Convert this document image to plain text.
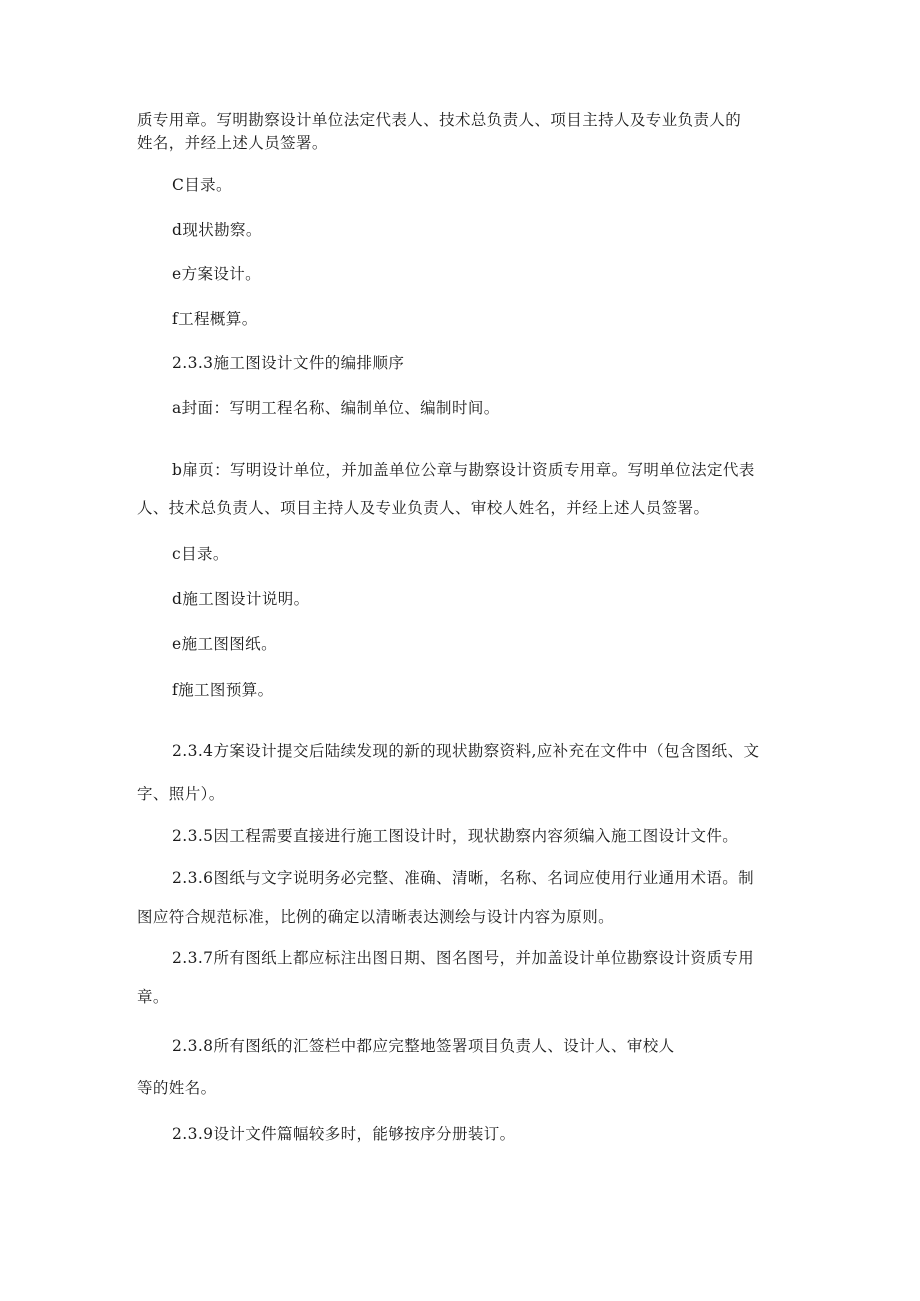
质专用章。写明勘察设计单位法定代表人、技术总负责人、项目主持人及专业负责人的
姓名，并经上述人员签署。
C目录。
d现状勘察。
e方案设计。
f工程概算。
2.3.3施工图设计文件的编排顺序
a封面：写明工程名称、编制单位、编制时间。
b扉页：写明设计单位，并加盖单位公章与勘察设计资质专用章。写明单位法定代表
人、技术总负责人、项目主持人及专业负责人、审校人姓名，并经上述人员签署。
c目录。
d施工图设计说明。
e施工图图纸。
f施工图预算。
2.3.4方案设计提交后陆续发现的新的现状勘察资料,应补充在文件中（包含图纸、文
字、照片）。
2.3.5因工程需要直接进行施工图设计时，现状勘察内容须编入施工图设计文件。
2.3.6图纸与文字说明务必完整、准确、清晰，名称、名词应使用行业通用术语。制
图应符合规范标准，比例的确定以清晰表达测绘与设计内容为原则。
2.3.7所有图纸上都应标注出图日期、图名图号，并加盖设计单位勘察设计资质专用
章。
2.3.8所有图纸的汇签栏中都应完整地签署项目负责人、设计人、审校人
等的姓名。
2.3.9设计文件篇幅较多时，能够按序分册装订。
